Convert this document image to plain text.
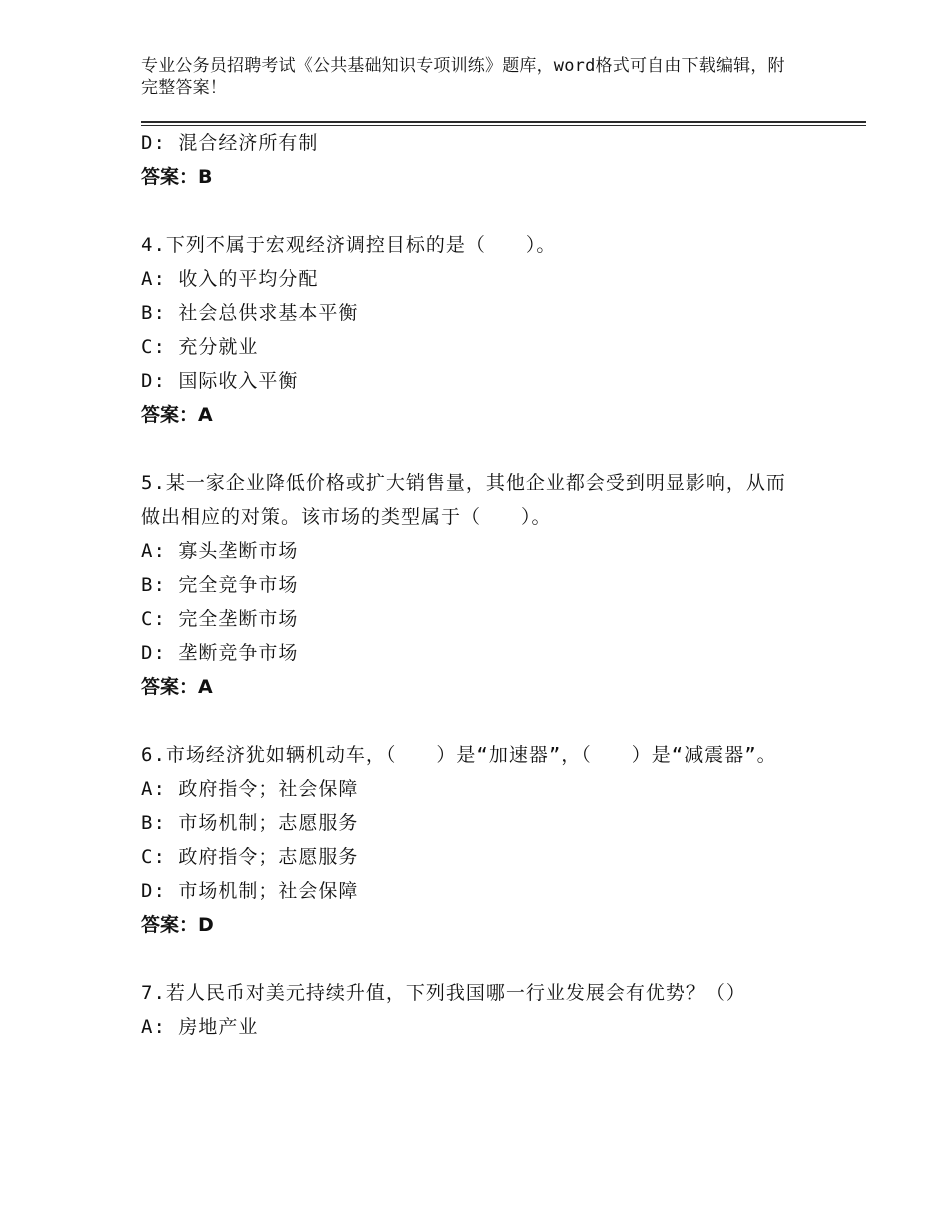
专业公务员招聘考试《公共基础知识专项训练》题库，word格式可自由下载编辑，附完整答案！
D: 混合经济所有制
答案：B
4.下列不属于宏观经济调控目标的是（　　）。
A: 收入的平均分配
B: 社会总供求基本平衡
C: 充分就业
D: 国际收入平衡
答案：A
5.某一家企业降低价格或扩大销售量，其他企业都会受到明显影响，从而做出相应的对策。该市场的类型属于（　　）。
A: 寡头垄断市场
B: 完全竞争市场
C: 完全垄断市场
D: 垄断竞争市场
答案：A
6.市场经济犹如辆机动车，（　　）是“加速器”，（　　）是“减震器”。
A: 政府指令；社会保障
B: 市场机制；志愿服务
C: 政府指令；志愿服务
D: 市场机制；社会保障
答案：D
7.若人民币对美元持续升值，下列我国哪一行业发展会有优势？（）
A: 房地产业
